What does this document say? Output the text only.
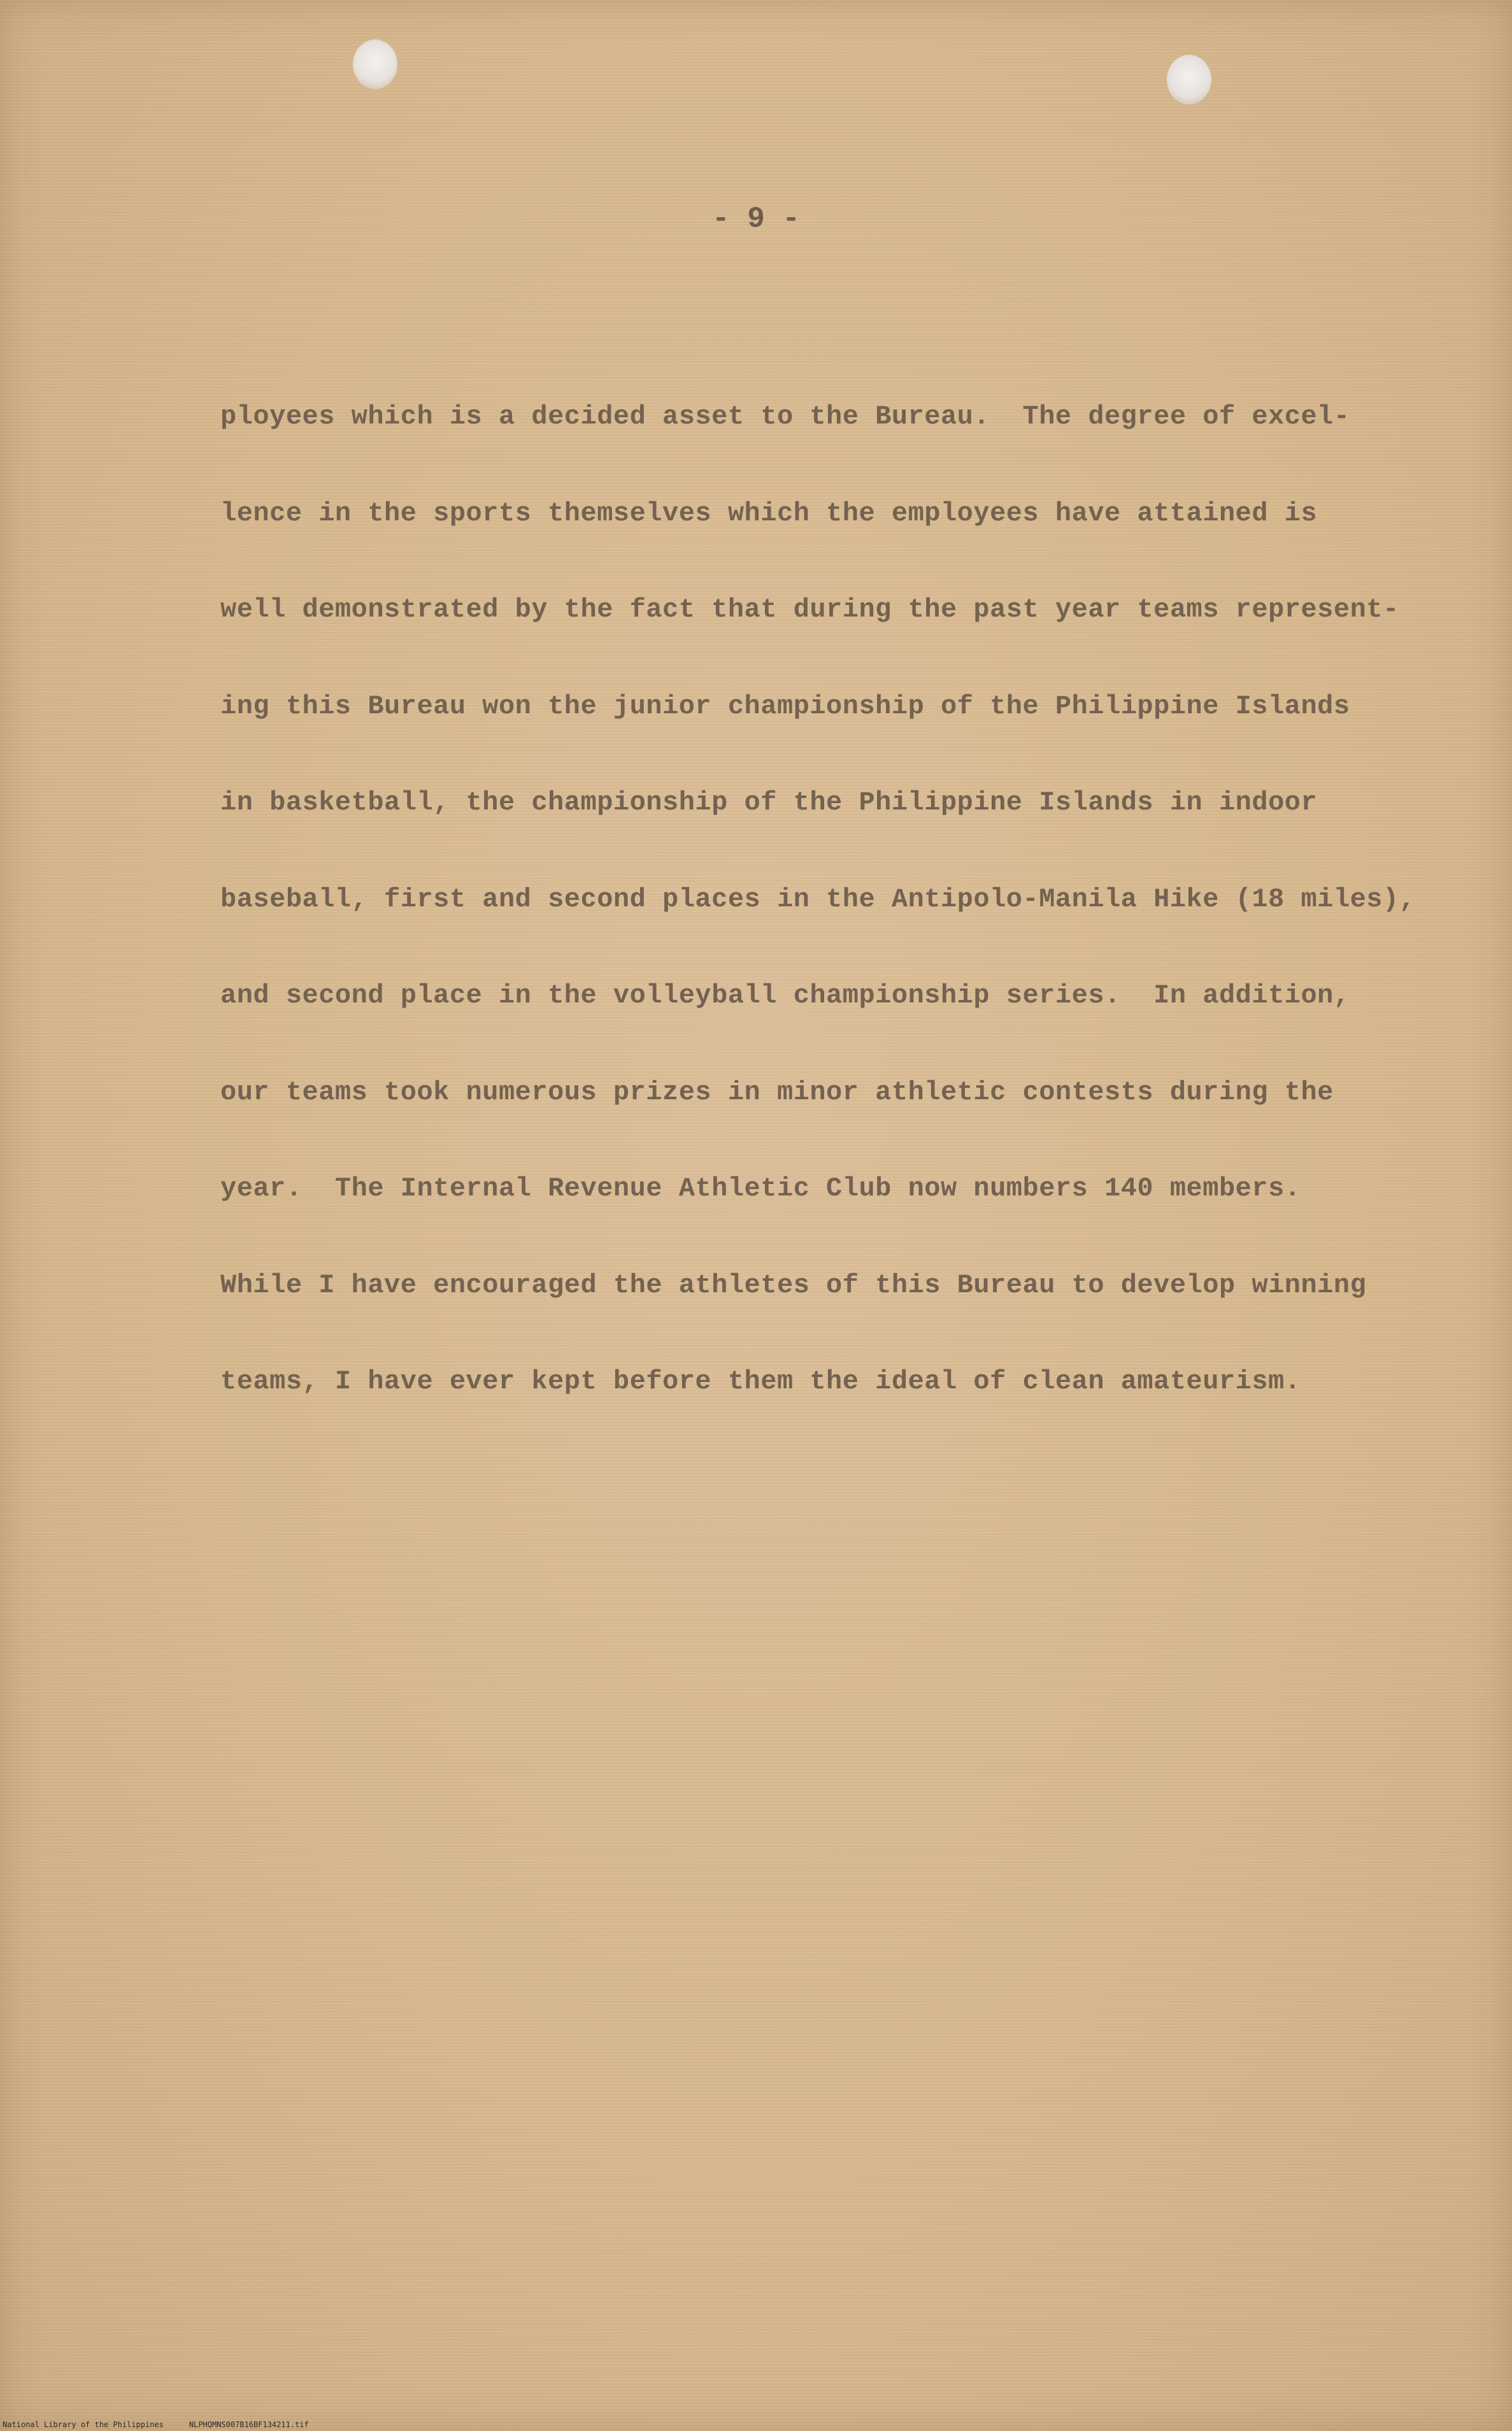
- 9 -
ployees which is a decided asset to the Bureau.  The degree of excel-
lence in the sports themselves which the employees have attained is
well demonstrated by the fact that during the past year teams represent-
ing this Bureau won the junior championship of the Philippine Islands
in basketball, the championship of the Philippine Islands in indoor
baseball, first and second places in the Antipolo-Manila Hike (18 miles),
and second place in the volleyball championship series.  In addition,
our teams took numerous prizes in minor athletic contests during the
year.  The Internal Revenue Athletic Club now numbers 140 members.
While I have encouraged the athletes of this Bureau to develop winning
teams, I have ever kept before them the ideal of clean amateurism.
National Library of the Philippines	NLPHQMNS007B16BF134211.tif
